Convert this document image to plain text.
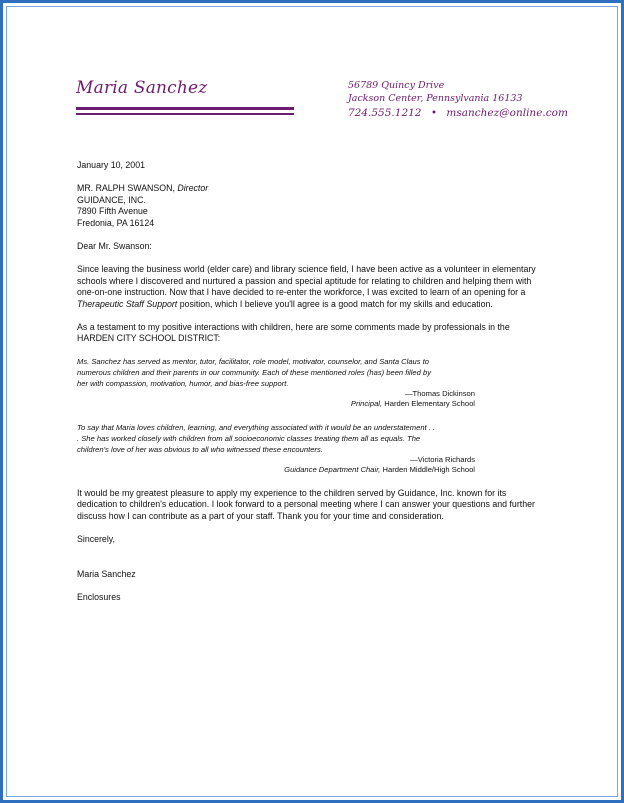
Maria Sanchez	56789 Quincy Drive
Jackson Center, Pennsylvania 16133
724.555.1212 • msanchez@online.com

January 10, 2001

MR. RALPH SWANSON, Director

GUIDANCE, INC.

7890 Fifth Avenue

Fredonia, PA 16124

Dear Mr. Swanson:

Since leaving the business world (elder care) and library science field, I have been active as a volunteer in elementary schools where I discovered and nurtured a passion and special aptitude for relating to children and helping them with one-on-one instruction. Now that I have decided to re-enter the workforce, I was excited to learn of an opening for a Therapeutic Staff Support position, which I believe you'll agree is a good match for my skills and education.

As a testament to my positive interactions with children, here are some comments made by professionals in the HARDEN CITY SCHOOL DISTRICT:

Ms. Sanchez has served as mentor, tutor, facilitator, role model, motivator, counselor, and Santa Claus to numerous children and their parents in our community. Each of these mentioned roles (has) been filled by her with compassion, motivation, humor, and bias-free support.

—Thomas Dickinson
Principal, Harden Elementary School

To say that Maria loves children, learning, and everything associated with it would be an understatement . . . She has worked closely with children from all socioeconomic classes treating them all as equals. The children's love of her was obvious to all who witnessed these encounters.

—Victoria Richards
Guidance Department Chair, Harden Middle/High School

It would be my greatest pleasure to apply my experience to the children served by Guidance, Inc. known for its dedication to children's education. I look forward to a personal meeting where I can answer your questions and further discuss how I can contribute as a part of your staff. Thank you for your time and consideration.

Sincerely,

Maria Sanchez

Enclosures
